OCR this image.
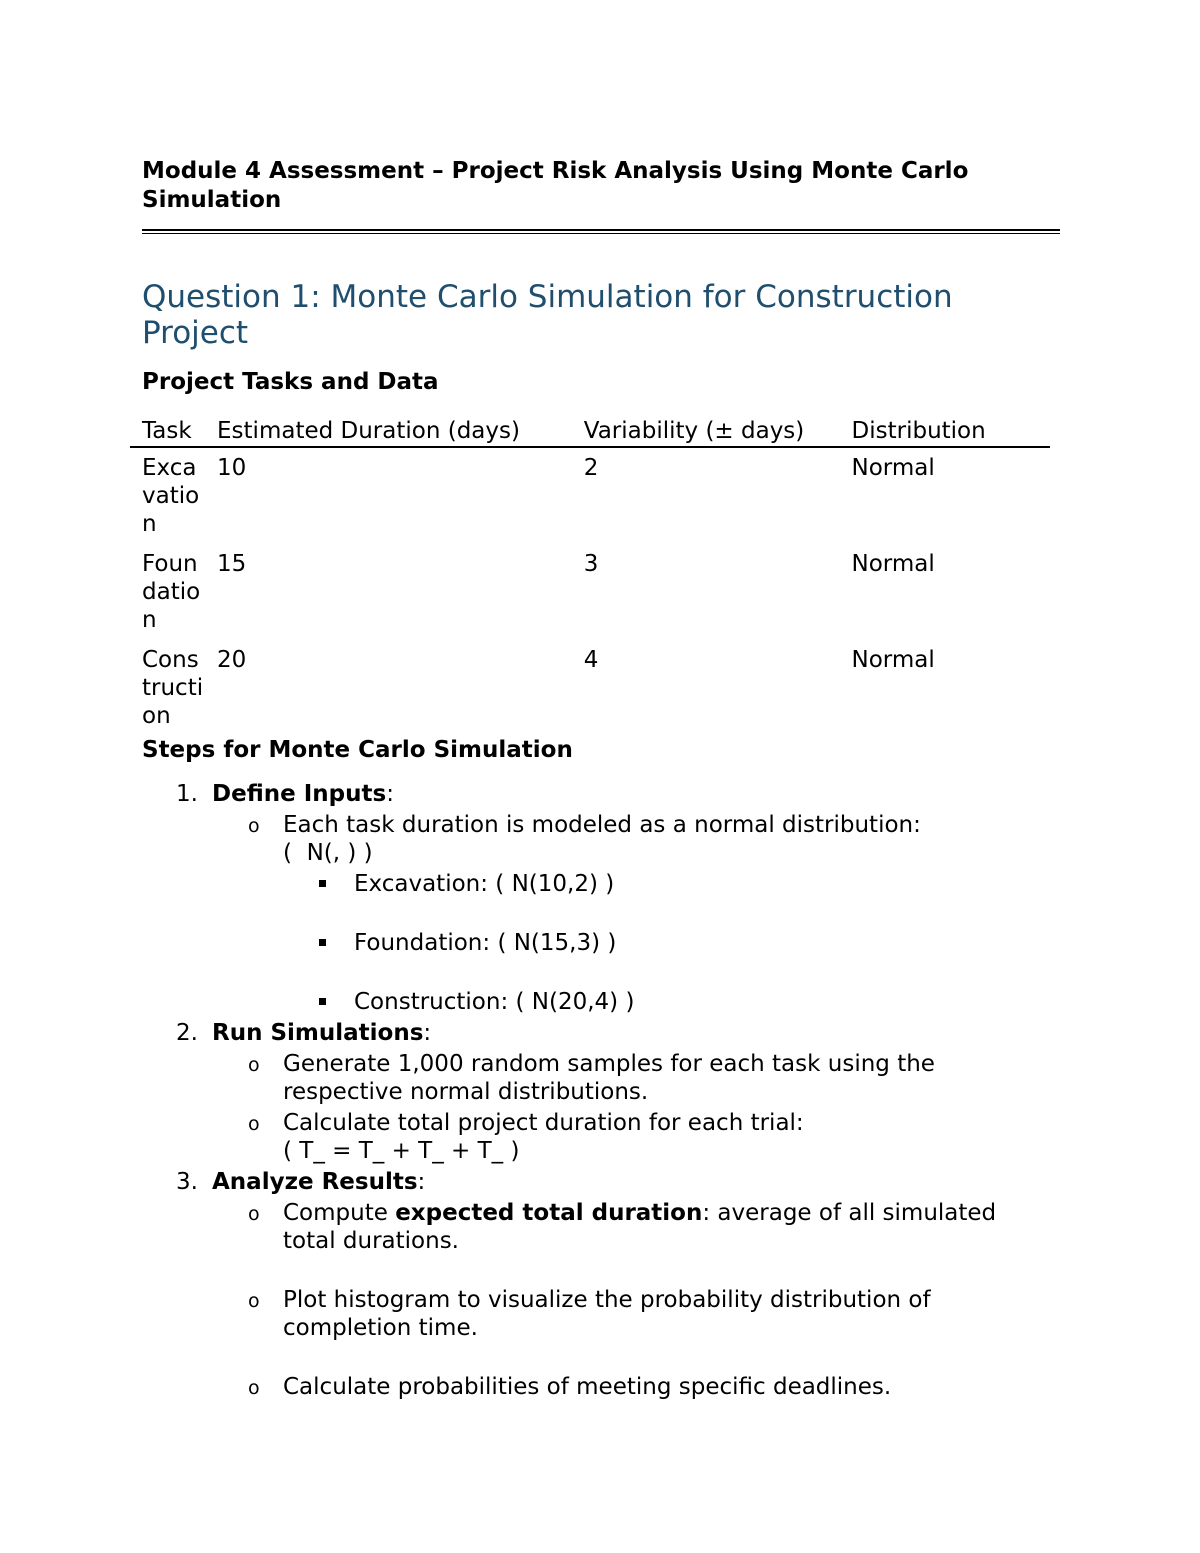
Module 4 Assessment – Project Risk Analysis Using Monte Carlo Simulation
Question 1: Monte Carlo Simulation for Construction Project
Project Tasks and Data
Task	Estimated Duration (days)	Variability (± days)	Distribution
Excavation	10	2	Normal
Foundation	15	3	Normal
Construction	20	4	Normal
Steps for Monte Carlo Simulation
1. Define Inputs:
o Each task duration is modeled as a normal distribution:
(  N(, ) )
Excavation: ( N(10,2) )
Foundation: ( N(15,3) )
Construction: ( N(20,4) )
2. Run Simulations:
o Generate 1,000 random samples for each task using the respective normal distributions.
o Calculate total project duration for each trial:
( T_ = T_ + T_ + T_ )
3. Analyze Results:
o Compute expected total duration: average of all simulated total durations.
o Plot histogram to visualize the probability distribution of completion time.
o Calculate probabilities of meeting specific deadlines.
